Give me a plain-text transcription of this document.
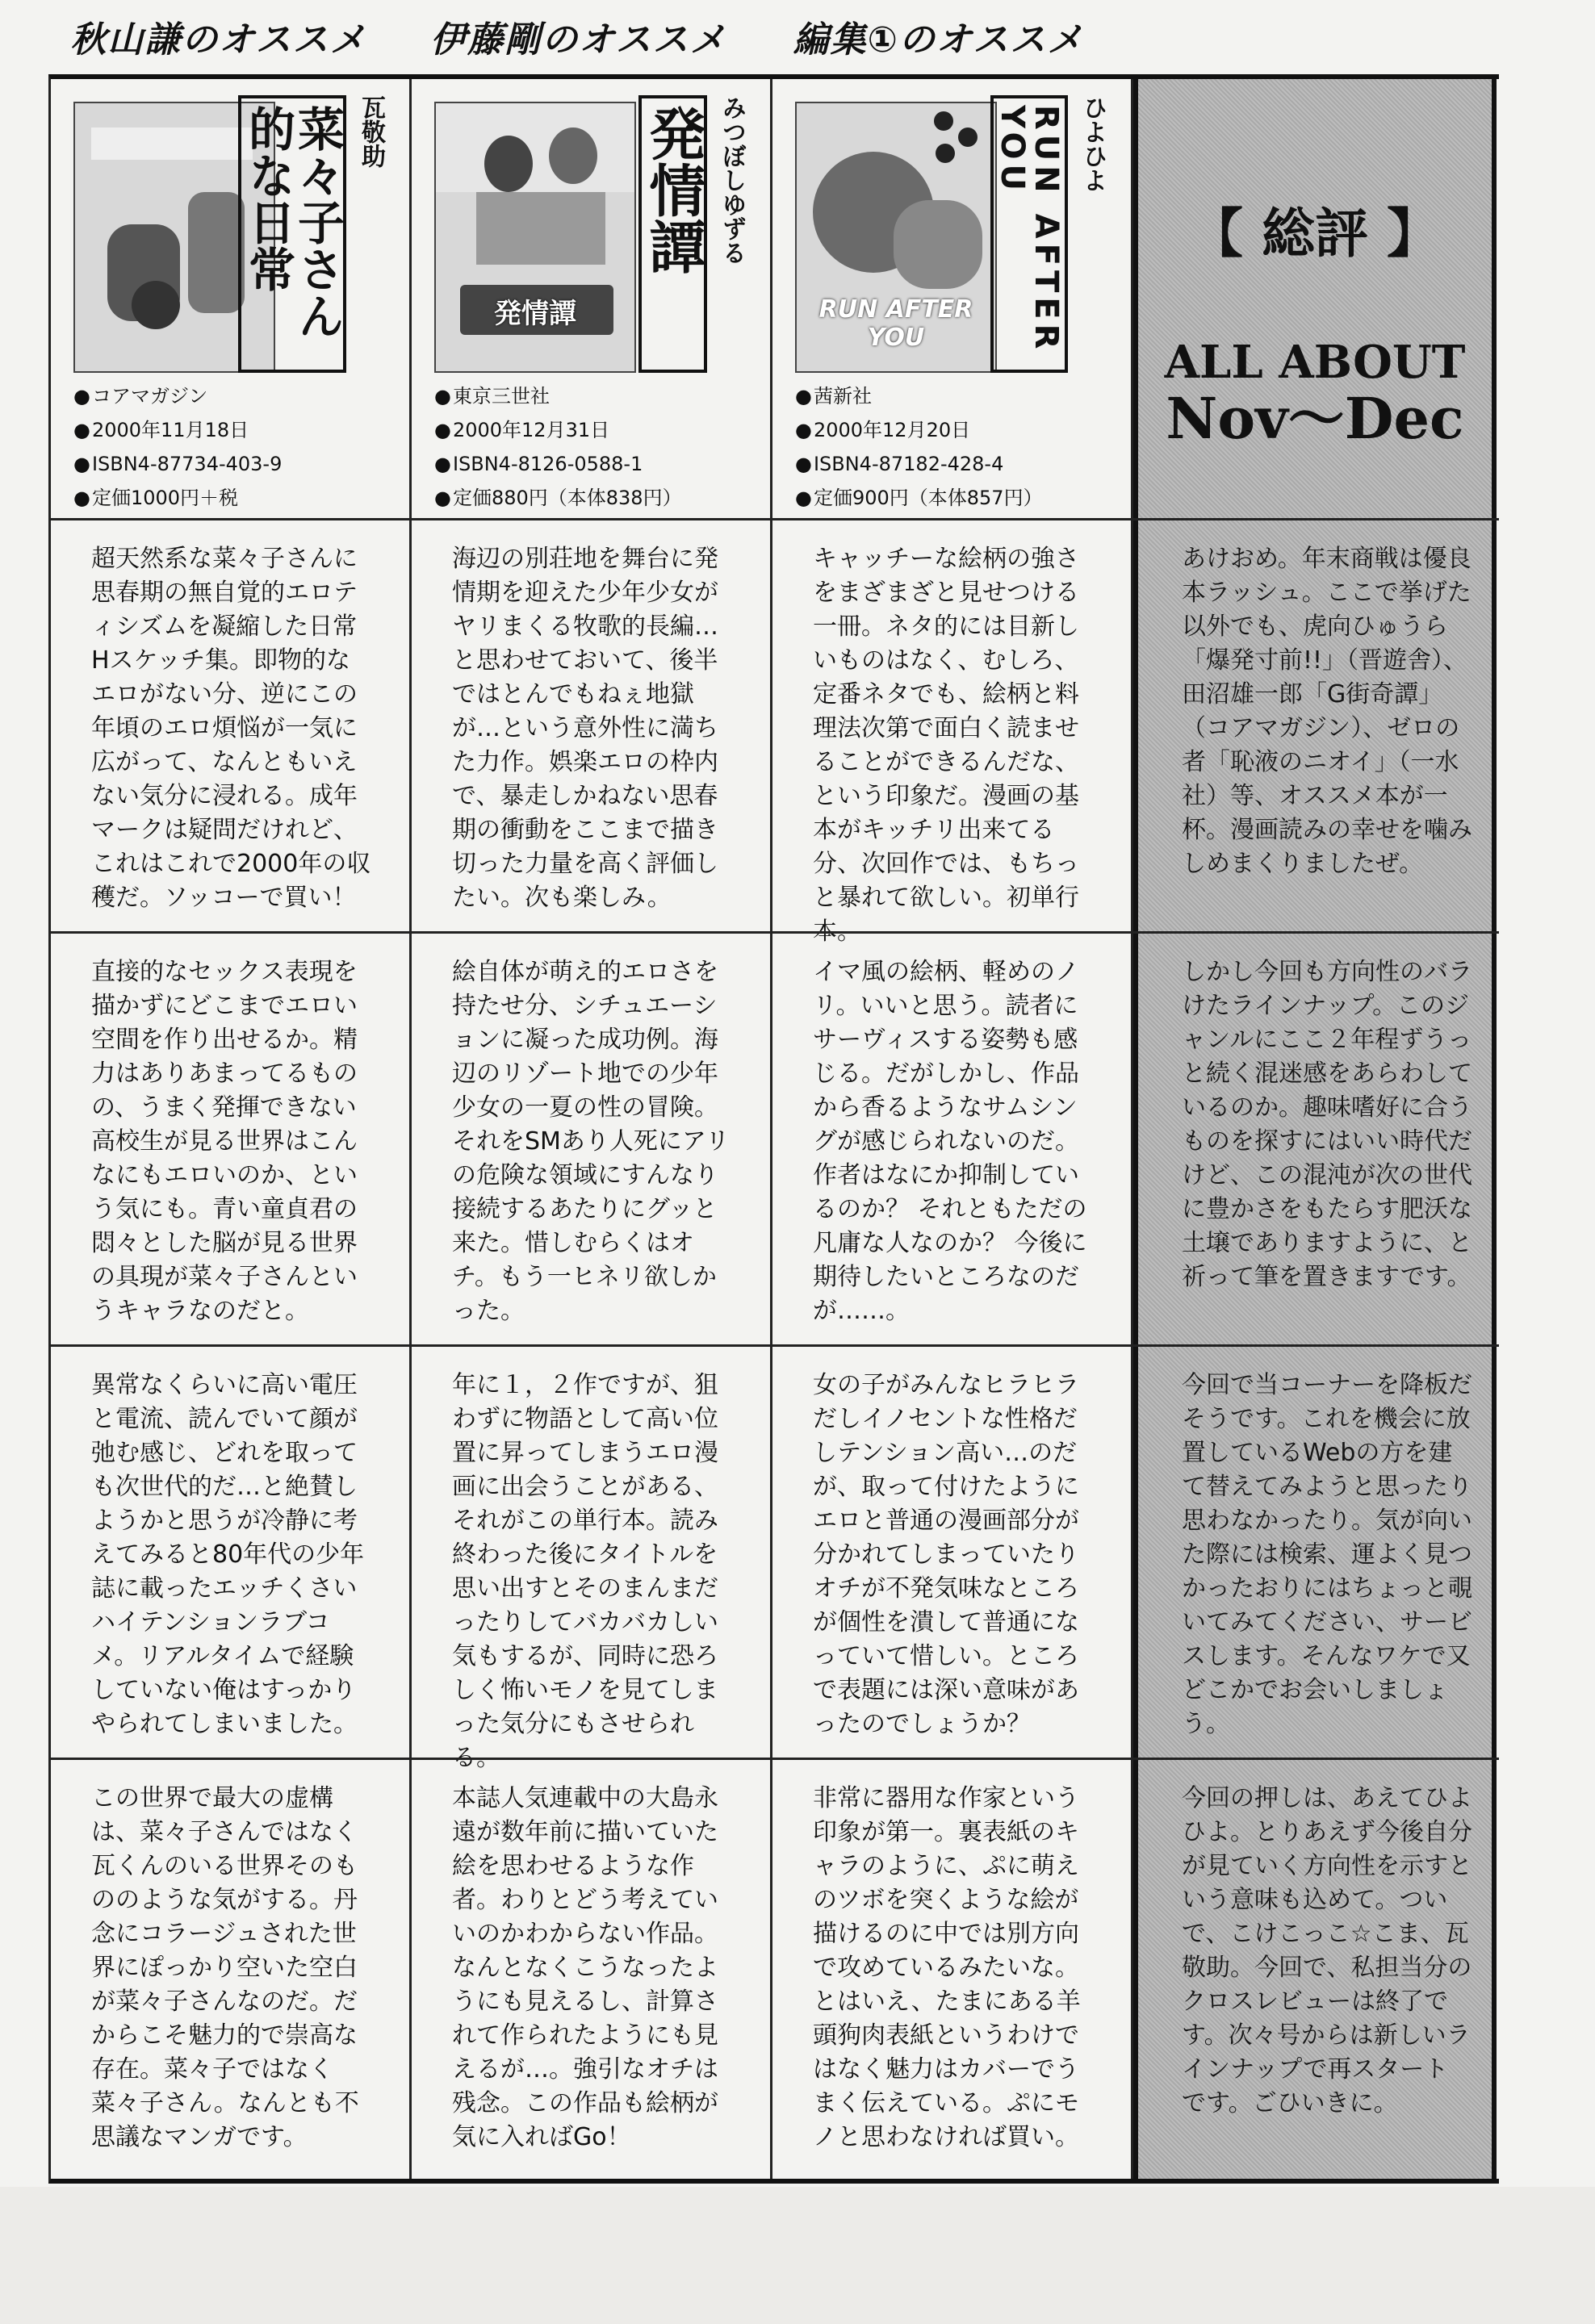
秋山謙のオススメ	伊藤剛のオススメ	編集①のオススメ
瓦敬助
菜々子さん的な日常
● コアマガジン
● 2000年11月18日
● ISBN4-87734-403-9
● 定価1000円＋税
超天然系な菜々子さんに思春期の無自覚的エロティシズムを凝縮した日常Hスケッチ集。即物的なエロがない分、逆にこの年頃のエロ煩悩が一気に広がって、なんともいえない気分に浸れる。成年マークは疑問だけれど、これはこれで2000年の収穫だ。ソッコーで買い！
直接的なセックス表現を描かずにどこまでエロい空間を作り出せるか。精力はありあまってるものの、うまく発揮できない高校生が見る世界はこんなにもエロいのか、という気にも。青い童貞君の悶々とした脳が見る世界の具現が菜々子さんというキャラなのだと。
異常なくらいに高い電圧と電流、読んでいて顔が弛む感じ、どれを取っても次世代的だ…と絶賛しようかと思うが冷静に考えてみると80年代の少年誌に載ったエッチくさいハイテンションラブコメ。リアルタイムで経験していない俺はすっかりやられてしまいました。
この世界で最大の虚構は、菜々子さんではなく瓦くんのいる世界そのもののような気がする。丹念にコラージュされた世界にぽっかり空いた空白が菜々子さんなのだ。だからこそ魅力的で崇高な存在。菜々子ではなく菜々子さん。なんとも不思議なマンガです。
発情譚
みつぼしゆずる
発情譚
● 東京三世社
● 2000年12月31日
● ISBN4-8126-0588-1
● 定価880円（本体838円）
海辺の別荘地を舞台に発情期を迎えた少年少女がヤリまくる牧歌的長編…と思わせておいて、後半ではとんでもねぇ地獄が…という意外性に満ちた力作。娯楽エロの枠内で、暴走しかねない思春期の衝動をここまで描き切った力量を高く評価したい。次も楽しみ。
絵自体が萌え的エロさを持たせ分、シチュエーションに凝った成功例。海辺のリゾート地での少年少女の一夏の性の冒険。それをSMあり人死にアリの危険な領域にすんなり接続するあたりにグッと来た。惜しむらくはオチ。もう一ヒネリ欲しかった。
年に１，２作ですが、狙わずに物語として高い位置に昇ってしまうエロ漫画に出会うことがある、それがこの単行本。読み終わった後にタイトルを思い出すとそのまんまだったりしてバカバカしい気もするが、同時に恐ろしく怖いモノを見てしまった気分にもさせられる。
本誌人気連載中の大島永遠が数年前に描いていた絵を思わせるような作者。わりとどう考えていいのかわからない作品。なんとなくこうなったようにも見えるし、計算されて作られたようにも見えるが…。強引なオチは残念。この作品も絵柄が気に入ればGo！
RUN AFTER YOU
ひよひよ
RUN AFTER YOU
● 茜新社
● 2000年12月20日
● ISBN4-87182-428-4
● 定価900円（本体857円）
キャッチーな絵柄の強さをまざまざと見せつける一冊。ネタ的には目新しいものはなく、むしろ、定番ネタでも、絵柄と料理法次第で面白く読ませることができるんだな、という印象だ。漫画の基本がキッチリ出来てる分、次回作では、もちっと暴れて欲しい。初単行本。
イマ風の絵柄、軽めのノリ。いいと思う。読者にサーヴィスする姿勢も感じる。だがしかし、作品から香るようなサムシングが感じられないのだ。作者はなにか抑制しているのか？ それともただの凡庸な人なのか？ 今後に期待したいところなのだが……。
女の子がみんなヒラヒラだしイノセントな性格だしテンション高い…のだが、取って付けたようにエロと普通の漫画部分が分かれてしまっていたりオチが不発気味なところが個性を潰して普通になっていて惜しい。ところで表題には深い意味があったのでしょうか？
非常に器用な作家という印象が第一。裏表紙のキャラのように、ぷに萌えのツボを突くような絵が描けるのに中では別方向で攻めているみたいな。とはいえ、たまにある羊頭狗肉表紙というわけではなく魅力はカバーでうまく伝えている。ぷにモノと思わなければ買い。
【 総評 】
ALL ABOUT
Nov～Dec
あけおめ。年末商戦は優良本ラッシュ。ここで挙げた以外でも、虎向ひゅうら「爆発寸前!!」（晋遊舎）、田沼雄一郎「G街奇譚」（コアマガジン）、ゼロの者「恥液のニオイ」（一水社）等、オススメ本が一杯。漫画読みの幸せを噛みしめまくりましたぜ。
しかし今回も方向性のバラけたラインナップ。このジャンルにここ２年程ずうっと続く混迷感をあらわしているのか。趣味嗜好に合うものを探すにはいい時代だけど、この混沌が次の世代に豊かさをもたらす肥沃な土壌でありますように、と祈って筆を置きますです。
今回で当コーナーを降板だそうです。これを機会に放置しているWebの方を建て替えてみようと思ったり思わなかったり。気が向いた際には検索、運よく見つかったおりにはちょっと覗いてみてください、サービスします。そんなワケで又どこかでお会いしましょう。
今回の押しは、あえてひよひよ。とりあえず今後自分が見ていく方向性を示すという意味も込めて。ついで、こけこっこ☆こま、瓦敬助。今回で、私担当分のクロスレビューは終了です。次々号からは新しいラインナップで再スタートです。ごひいきに。
